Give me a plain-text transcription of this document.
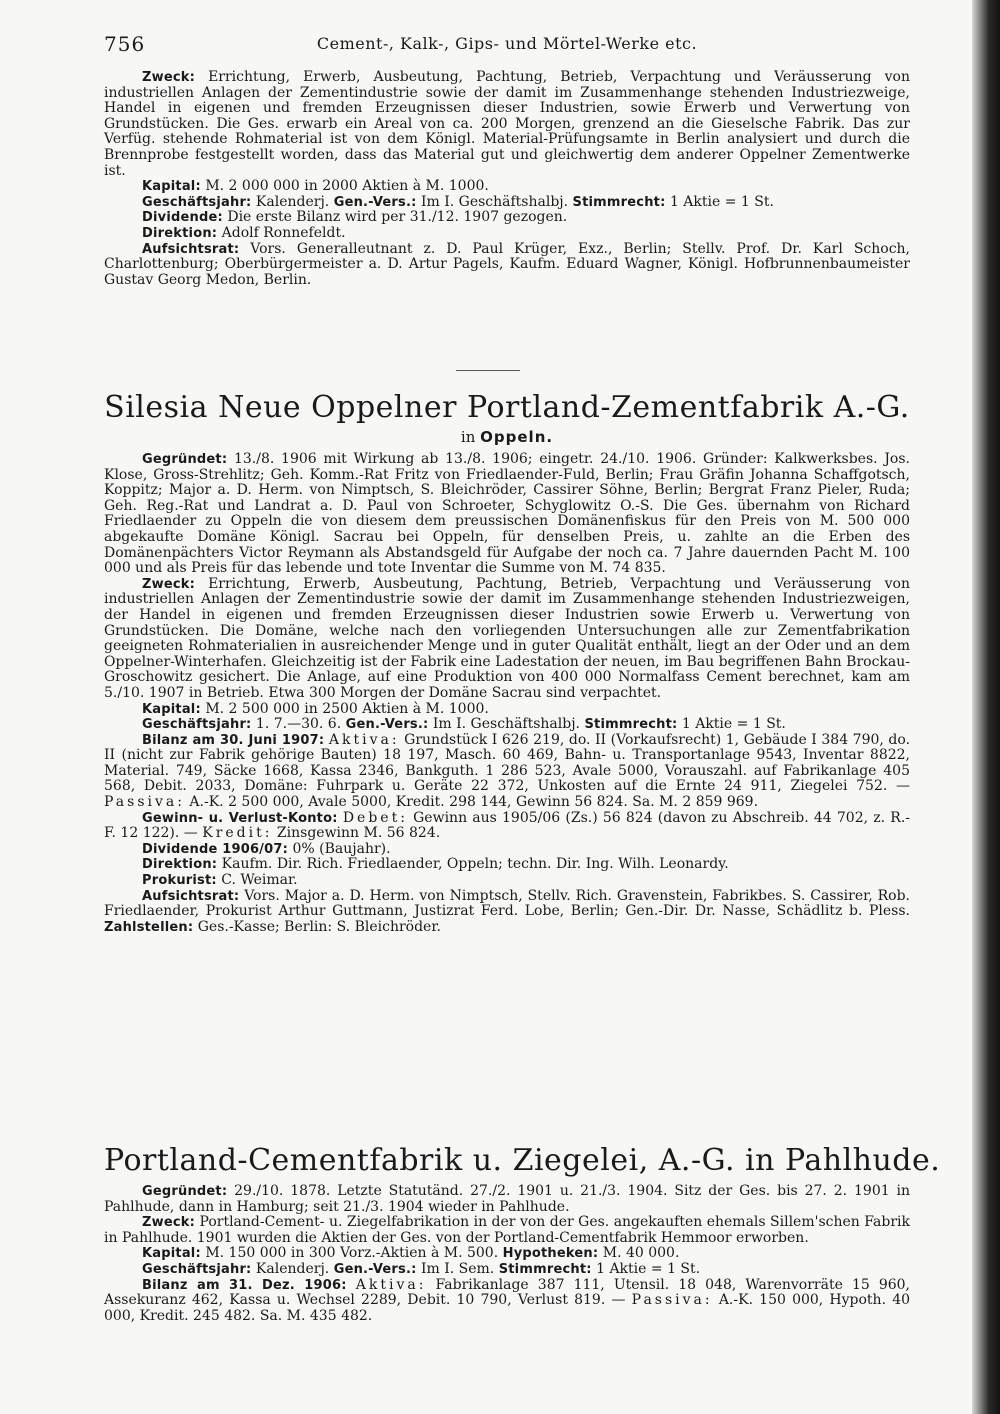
756	Cement-, Kalk-, Gips- und Mörtel-Werke etc.

Zweck: Errichtung, Erwerb, Ausbeutung, Pachtung, Betrieb, Verpachtung und Veräusserung von industriellen Anlagen der Zementindustrie sowie der damit im Zusammenhange stehenden Industriezweige, Handel in eigenen und fremden Erzeugnissen dieser Industrien, sowie Erwerb und Verwertung von Grundstücken. Die Ges. erwarb ein Areal von ca. 200 Morgen, grenzend an die Gieselsche Fabrik. Das zur Verfüg. stehende Rohmaterial ist von dem Königl. Material-Prüfungsamte in Berlin analysiert und durch die Brennprobe festgestellt worden, dass das Material gut und gleichwertig dem anderer Oppelner Zementwerke ist.

Kapital: M. 2 000 000 in 2000 Aktien à M. 1000.

Geschäftsjahr: Kalenderj. Gen.-Vers.: Im I. Geschäftshalbj. Stimmrecht: 1 Aktie = 1 St.

Dividende: Die erste Bilanz wird per 31./12. 1907 gezogen.

Direktion: Adolf Ronnefeldt.

Aufsichtsrat: Vors. Generalleutnant z. D. Paul Krüger, Exz., Berlin; Stellv. Prof. Dr. Karl Schoch, Charlottenburg; Oberbürgermeister a. D. Artur Pagels, Kaufm. Eduard Wagner, Königl. Hofbrunnenbaumeister Gustav Georg Medon, Berlin.

Silesia Neue Oppelner Portland-Zementfabrik A.-G.
in Oppeln.

Gegründet: 13./8. 1906 mit Wirkung ab 13./8. 1906; eingetr. 24./10. 1906. Gründer: Kalkwerksbes. Jos. Klose, Gross-Strehlitz; Geh. Komm.-Rat Fritz von Friedlaender-Fuld, Berlin; Frau Gräfin Johanna Schaffgotsch, Koppitz; Major a. D. Herm. von Nimptsch, S. Bleichröder, Cassirer Söhne, Berlin; Bergrat Franz Pieler, Ruda; Geh. Reg.-Rat und Landrat a. D. Paul von Schroeter, Schyglowitz O.-S. Die Ges. übernahm von Richard Friedlaender zu Oppeln die von diesem dem preussischen Domänenfiskus für den Preis von M. 500 000 abgekaufte Domäne Königl. Sacrau bei Oppeln, für denselben Preis, u. zahlte an die Erben des Domänenpächters Victor Reymann als Abstandsgeld für Aufgabe der noch ca. 7 Jahre dauernden Pacht M. 100 000 und als Preis für das lebende und tote Inventar die Summe von M. 74 835.

Zweck: Errichtung, Erwerb, Ausbeutung, Pachtung, Betrieb, Verpachtung und Veräusserung von industriellen Anlagen der Zementindustrie sowie der damit im Zusammenhange stehenden Industriezweigen, der Handel in eigenen und fremden Erzeugnissen dieser Industrien sowie Erwerb u. Verwertung von Grundstücken. Die Domäne, welche nach den vorliegenden Untersuchungen alle zur Zementfabrikation geeigneten Rohmaterialien in ausreichender Menge und in guter Qualität enthält, liegt an der Oder und an dem Oppelner-Winterhafen. Gleichzeitig ist der Fabrik eine Ladestation der neuen, im Bau begriffenen Bahn Brockau-Groschowitz gesichert. Die Anlage, auf eine Produktion von 400 000 Normalfass Cement berechnet, kam am 5./10. 1907 in Betrieb. Etwa 300 Morgen der Domäne Sacrau sind verpachtet.

Kapital: M. 2 500 000 in 2500 Aktien à M. 1000.

Geschäftsjahr: 1. 7.—30. 6. Gen.-Vers.: Im I. Geschäftshalbj. Stimmrecht: 1 Aktie = 1 St.

Bilanz am 30. Juni 1907: Aktiva: Grundstück I 626 219, do. II (Vorkaufsrecht) 1, Gebäude I 384 790, do. II (nicht zur Fabrik gehörige Bauten) 18 197, Masch. 60 469, Bahn- u. Transportanlage 9543, Inventar 8822, Material. 749, Säcke 1668, Kassa 2346, Bankguth. 1 286 523, Avale 5000, Vorauszahl. auf Fabrikanlage 405 568, Debit. 2033, Domäne: Fuhrpark u. Geräte 22 372, Unkosten auf die Ernte 24 911, Ziegelei 752. — Passiva: A.-K. 2 500 000, Avale 5000, Kredit. 298 144, Gewinn 56 824. Sa. M. 2 859 969.

Gewinn- u. Verlust-Konto: Debet: Gewinn aus 1905/06 (Zs.) 56 824 (davon zu Abschreib. 44 702, z. R.-F. 12 122). — Kredit: Zinsgewinn M. 56 824.

Dividende 1906/07: 0% (Baujahr).

Direktion: Kaufm. Dir. Rich. Friedlaender, Oppeln; techn. Dir. Ing. Wilh. Leonardy.

Prokurist: C. Weimar.

Aufsichtsrat: Vors. Major a. D. Herm. von Nimptsch, Stellv. Rich. Gravenstein, Fabrikbes. S. Cassirer, Rob. Friedlaender, Prokurist Arthur Guttmann, Justizrat Ferd. Lobe, Berlin; Gen.-Dir. Dr. Nasse, Schädlitz b. Pless. Zahlstellen: Ges.-Kasse; Berlin: S. Bleichröder.

Portland-Cementfabrik u. Ziegelei, A.-G. in Pahlhude.

Gegründet: 29./10. 1878. Letzte Statutänd. 27./2. 1901 u. 21./3. 1904. Sitz der Ges. bis 27. 2. 1901 in Pahlhude, dann in Hamburg; seit 21./3. 1904 wieder in Pahlhude.

Zweck: Portland-Cement- u. Ziegelfabrikation in der von der Ges. angekauften ehemals Sillem'schen Fabrik in Pahlhude. 1901 wurden die Aktien der Ges. von der Portland-Cementfabrik Hemmoor erworben.

Kapital: M. 150 000 in 300 Vorz.-Aktien à M. 500. Hypotheken: M. 40 000.

Geschäftsjahr: Kalenderj. Gen.-Vers.: Im I. Sem. Stimmrecht: 1 Aktie = 1 St.

Bilanz am 31. Dez. 1906: Aktiva: Fabrikanlage 387 111, Utensil. 18 048, Warenvorräte 15 960, Assekuranz 462, Kassa u. Wechsel 2289, Debit. 10 790, Verlust 819. — Passiva: A.-K. 150 000, Hypoth. 40 000, Kredit. 245 482. Sa. M. 435 482.
